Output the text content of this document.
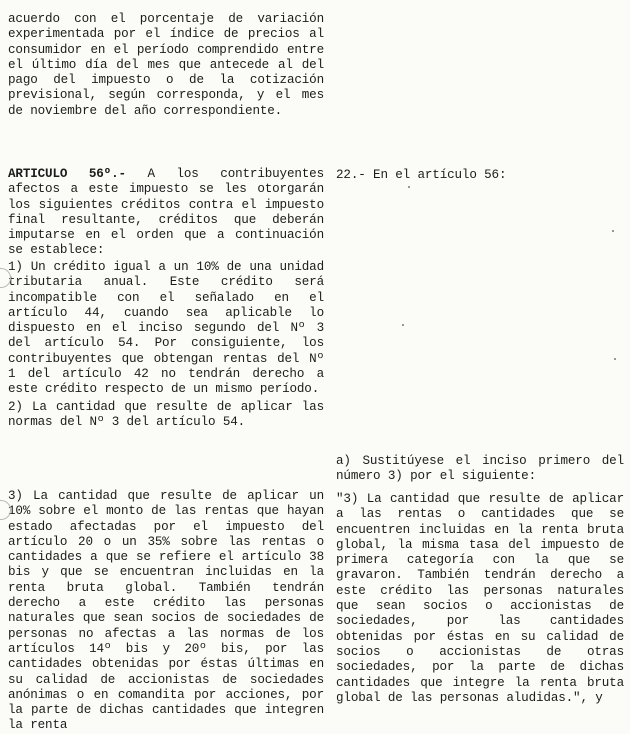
acuerdo con el porcentaje de variación experimentada por el índice de precios al consumidor en el período comprendido entre el último día del mes que antecede al del pago del impuesto o de la cotización previsional, según corresponda, y el mes de noviembre del año correspondiente.

ARTICULO 56º.- A los contribuyentes afectos a este impuesto se les otorgarán los siguientes créditos contra el impuesto final resultante, créditos que deberán imputarse en el orden que a continuación se establece:

1) Un crédito igual a un 10% de una unidad tributaria anual. Este crédito será incompatible con el señalado en el artículo 44, cuando sea aplicable lo dispuesto en el inciso segundo del Nº 3 del artículo 54. Por consiguiente, los contribuyentes que obtengan rentas del Nº 1 del artículo 42 no tendrán derecho a este crédito respecto de un mismo período.

2) La cantidad que resulte de aplicar las normas del Nº 3 del artículo 54.

3) La cantidad que resulte de aplicar un 10% sobre el monto de las rentas que hayan estado afectadas por el impuesto del artículo 20 o un 35% sobre las rentas o cantidades a que se refiere el artículo 38 bis y que se encuentran incluidas en la renta bruta global. También tendrán derecho a este crédito las personas naturales que sean socios de sociedades de personas no afectas a las normas de los artículos 14º bis y 20º bis, por las cantidades obtenidas por éstas últimas en su calidad de accionistas de sociedades anónimas o en comandita por acciones, por la parte de dichas cantidades que integren la renta

22.- En el artículo 56:

a) Sustitúyese el inciso primero del número 3) por el siguiente:

"3) La cantidad que resulte de aplicar a las rentas o cantidades que se encuentren incluidas en la renta bruta global, la misma tasa del impuesto de primera categoría con la que se gravaron. También tendrán derecho a este crédito las personas naturales que sean socios o accionistas de sociedades, por las cantidades obtenidas por éstas en su calidad de socios o accionistas de otras sociedades, por la parte de dichas cantidades que integre la renta bruta global de las personas aludidas.", y
